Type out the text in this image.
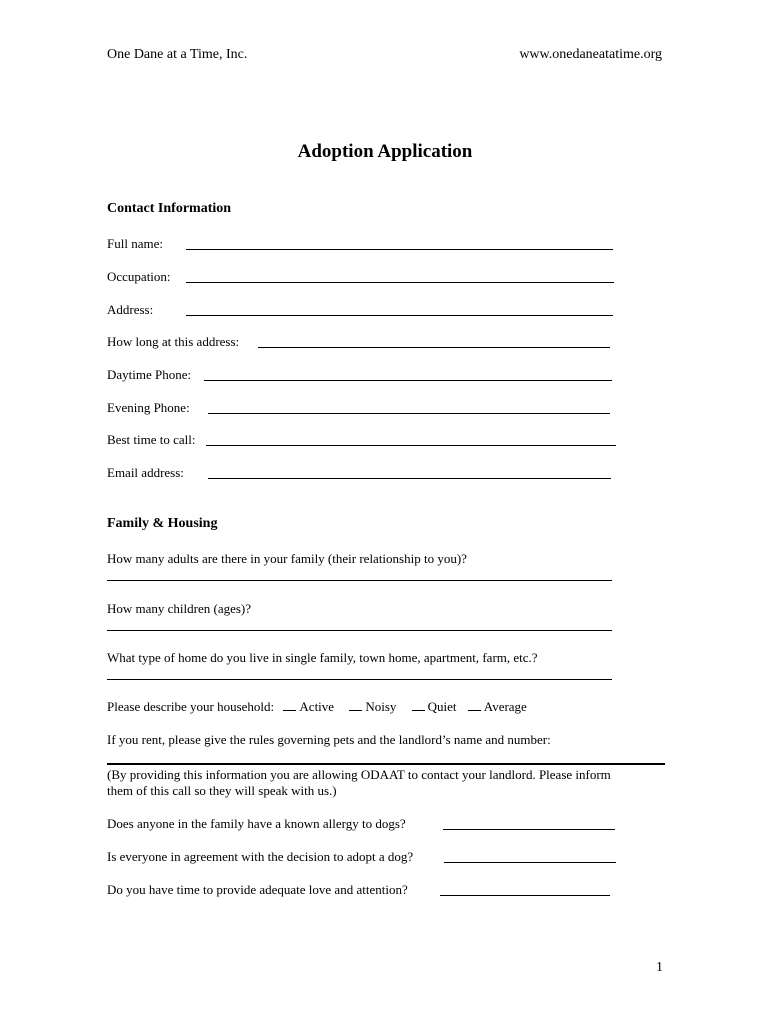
One Dane at a Time, Inc.	www.onedaneatatime.org
Adoption Application
Contact Information
Full name:
Occupation:
Address:
How long at this address:
Daytime Phone:
Evening Phone:
Best time to call:
Email address:
Family & Housing
How many adults are there in your family (their relationship to you)?
How many children (ages)?
What type of home do you live in single family, town home, apartment, farm, etc.?
Please describe your household: Active Noisy Quiet Average
If you rent, please give the rules governing pets and the landlord’s name and number:
(By providing this information you are allowing ODAAT to contact your landlord. Please inform
them of this call so they will speak with us.)
Does anyone in the family have a known allergy to dogs?
Is everyone in agreement with the decision to adopt a dog?
Do you have time to provide adequate love and attention?
1
